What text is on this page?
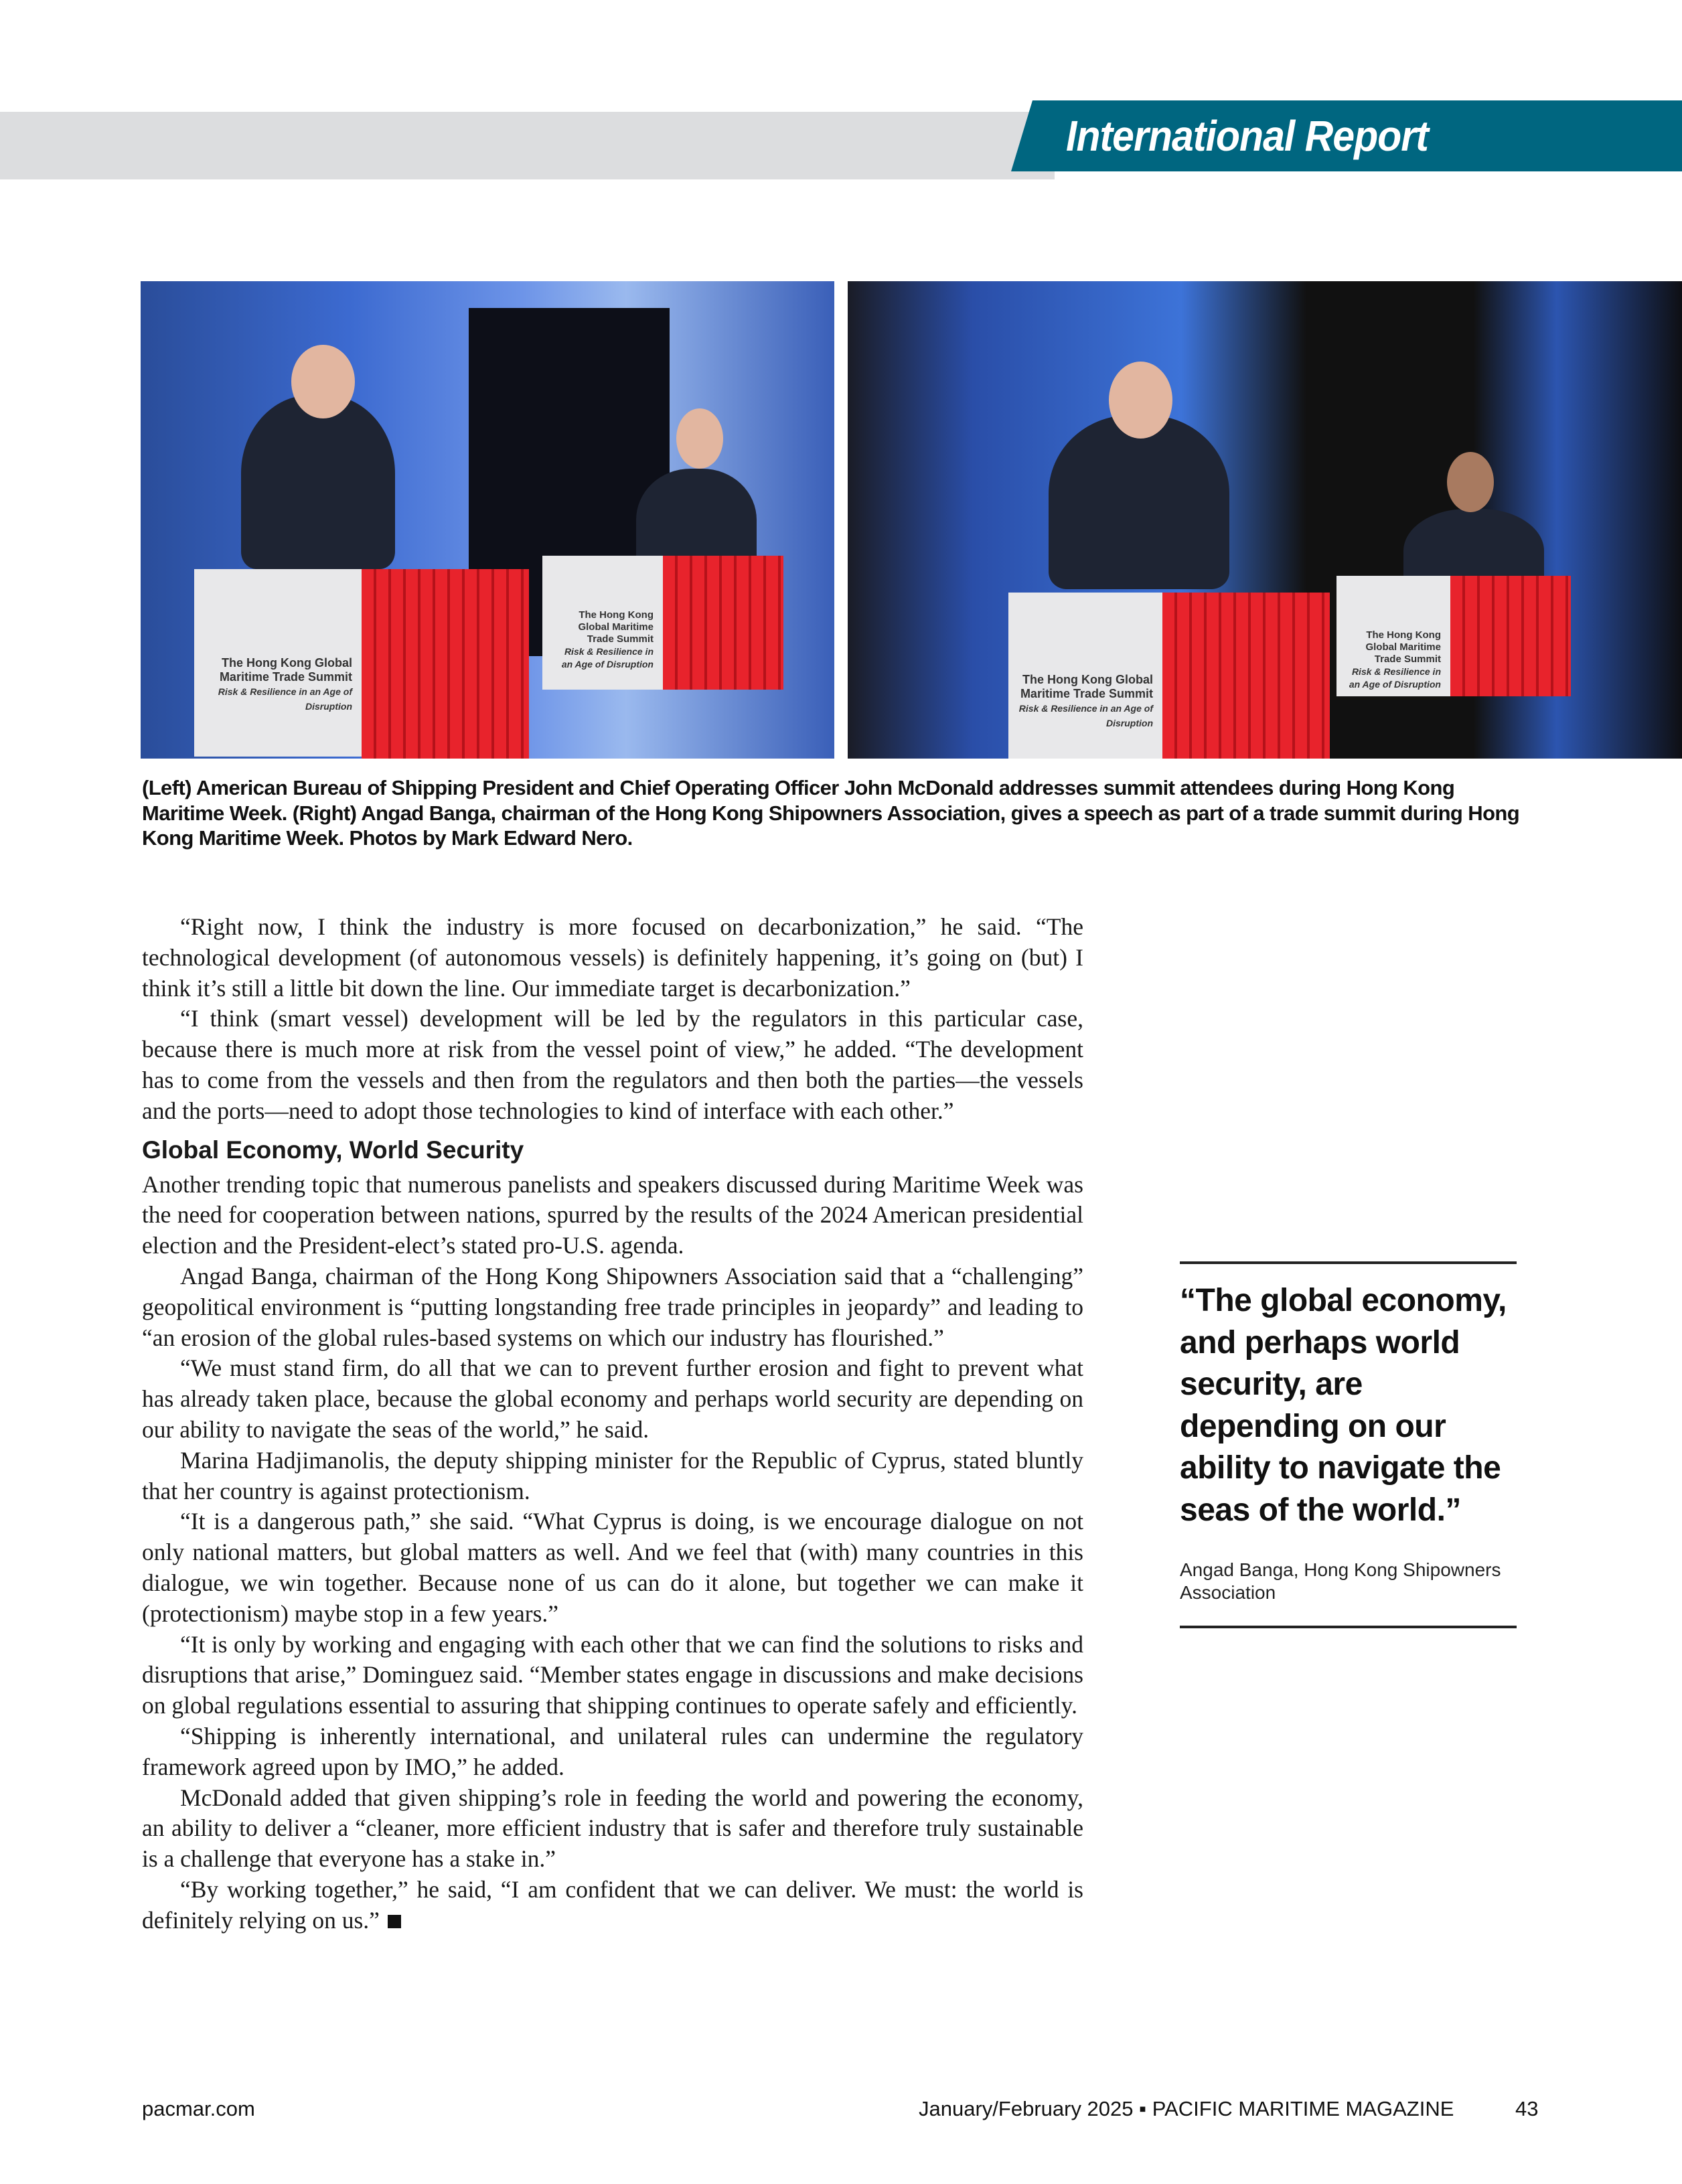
International Report
The Hong Kong Global Maritime Trade Summit
Risk & Resilience in an Age of Disruption
The Hong Kong Global Maritime Trade Summit
Risk & Resilience in an Age of Disruption
The Hong Kong Global Maritime Trade Summit
Risk & Resilience in an Age of Disruption
The Hong Kong Global Maritime Trade Summit
Risk & Resilience in an Age of Disruption
(Left) American Bureau of Shipping President and Chief Operating Officer John McDonald addresses summit attendees during Hong Kong Maritime Week. (Right) Angad Banga, chairman of the Hong Kong Shipowners Association, gives a speech as part of a trade summit during Hong Kong Maritime Week. Photos by Mark Edward Nero.

“Right now, I think the industry is more focused on decarbonization,” he said. “The technological development (of autonomous vessels) is definitely happening, it’s going on (but) I think it’s still a little bit down the line. Our immediate target is decarbonization.”

“I think (smart vessel) development will be led by the regulators in this particular case, because there is much more at risk from the vessel point of view,” he added. “The development has to come from the vessels and then from the regulators and then both the parties—the vessels and the ports—need to adopt those technologies to kind of interface with each other.”

Global Economy, World Security

Another trending topic that numerous panelists and speakers discussed during Maritime Week was the need for cooperation between nations, spurred by the results of the 2024 American presidential election and the President-elect’s stated pro-U.S. agenda.

Angad Banga, chairman of the Hong Kong Shipowners Association said that a “challenging” geopolitical environment is “putting longstanding free trade principles in jeopardy” and leading to “an erosion of the global rules-based systems on which our industry has flourished.”

“We must stand firm, do all that we can to prevent further erosion and fight to prevent what has already taken place, because the global economy and perhaps world security are depending on our ability to navigate the seas of the world,” he said.

Marina Hadjimanolis, the deputy shipping minister for the Republic of Cyprus, stated bluntly that her country is against protectionism.

“It is a dangerous path,” she said. “What Cyprus is doing, is we encourage dialogue on not only national matters, but global matters as well. And we feel that (with) many countries in this dialogue, we win together. Because none of us can do it alone, but together we can make it (protectionism) maybe stop in a few years.”

“It is only by working and engaging with each other that we can find the solutions to risks and disruptions that arise,” Dominguez said. “Member states engage in discussions and make decisions on global regulations essential to assuring that shipping continues to operate safely and efficiently.

“Shipping is inherently international, and unilateral rules can undermine the regulatory framework agreed upon by IMO,” he added.

McDonald added that given shipping’s role in feeding the world and powering the economy, an ability to deliver a “cleaner, more efficient industry that is safer and therefore truly sustainable is a challenge that everyone has a stake in.”

“By working together,” he said, “I am confident that we can deliver. We must: the world is definitely relying on us.”

“The global economy, and perhaps world security, are depending on our ability to navigate the seas of the world.”
Angad Banga, Hong Kong Shipowners Association
pacmar.com	January/February 2025 ▪ PACIFIC MARITIME MAGAZINE	43
